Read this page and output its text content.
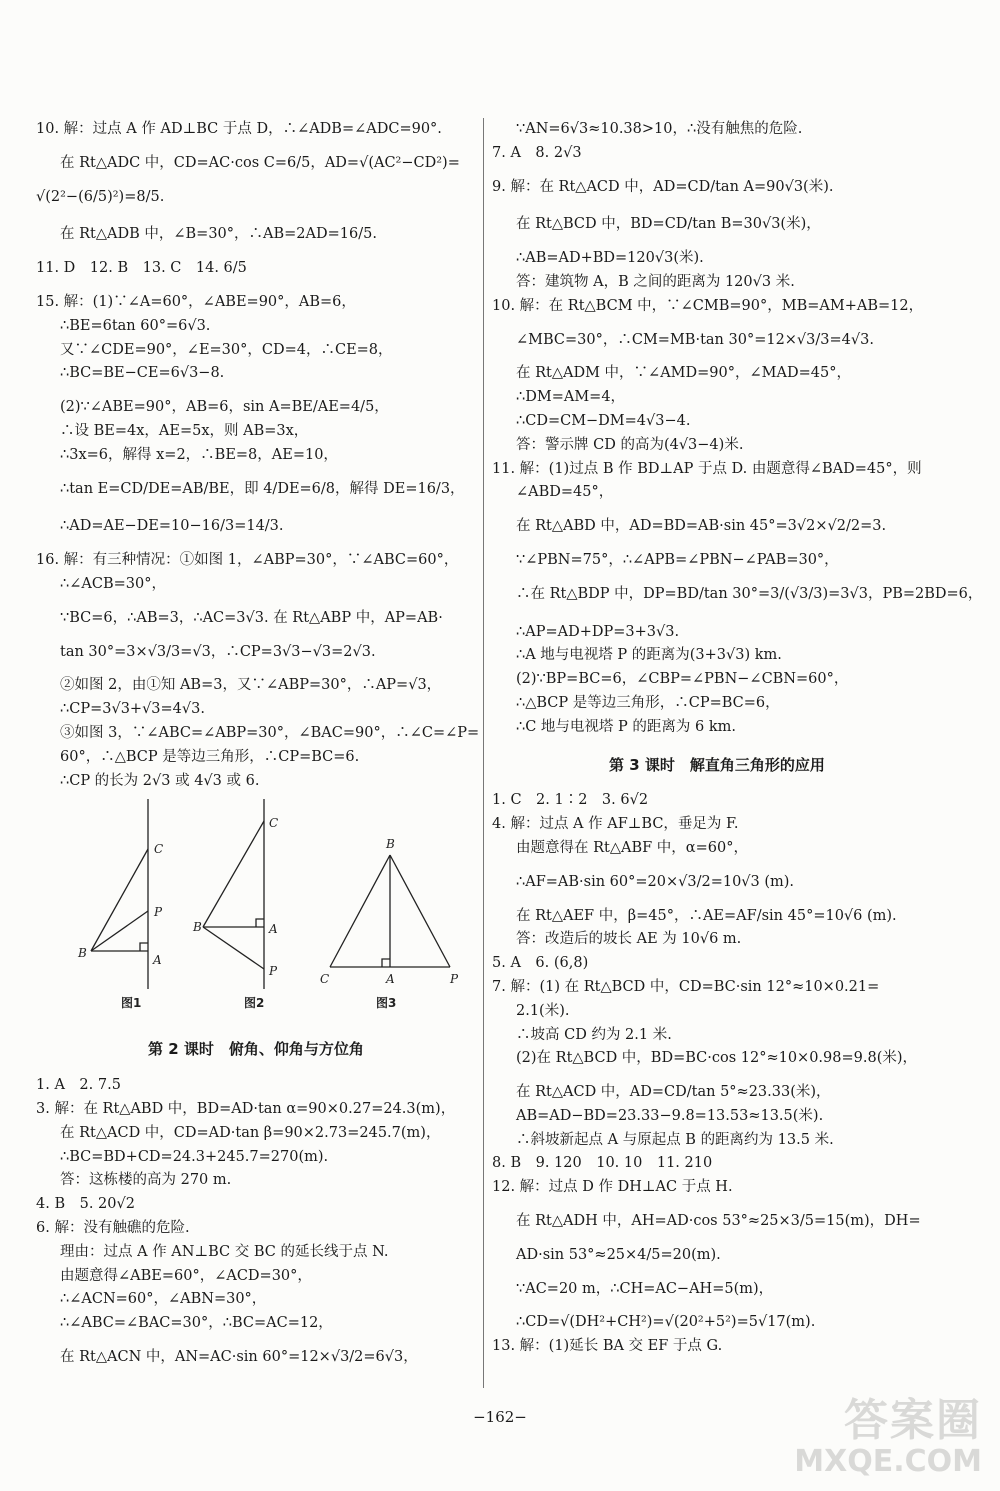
10. 解：过点 A 作 AD⊥BC 于点 D，∴∠ADB=∠ADC=90°.
在 Rt△ADC 中，CD=AC·cos C=6/5，AD=√(AC²−CD²)=
√(2²−(6/5)²)=8/5.
在 Rt△ADB 中，∠B=30°，∴AB=2AD=16/5.
11. D　12. B　13. C　14. 6/5
15. 解：(1)∵∠A=60°，∠ABE=90°，AB=6，
∴BE=6tan 60°=6√3.
又∵∠CDE=90°，∠E=30°，CD=4，∴CE=8，
∴BC=BE−CE=6√3−8.
(2)∵∠ABE=90°，AB=6，sin A=BE/AE=4/5，
∴设 BE=4x，AE=5x，则 AB=3x，
∴3x=6，解得 x=2，∴BE=8，AE=10，
∴tan E=CD/DE=AB/BE，即 4/DE=6/8，解得 DE=16/3，
∴AD=AE−DE=10−16/3=14/3.
16. 解：有三种情况：①如图 1，∠ABP=30°，∵∠ABC=60°，
∴∠ACB=30°，
∵BC=6，∴AB=3，∴AC=3√3. 在 Rt△ABP 中，AP=AB·
tan 30°=3×√3/3=√3，∴CP=3√3−√3=2√3.
②如图 2，由①知 AB=3，又∵∠ABP=30°，∴AP=√3，
∴CP=3√3+√3=4√3.
③如图 3，∵∠ABC=∠ABP=30°，∠BAC=90°，∴∠C=∠P=
60°，∴△BCP 是等边三角形，∴CP=BC=6.
∴CP 的长为 2√3 或 4√3 或 6.
C
P
B	A
图1
C
B	A
P
图2
B
C	A	P
图3
第 2 课时　俯角、仰角与方位角
1. A　2. 7.5
3. 解：在 Rt△ABD 中，BD=AD·tan α=90×0.27=24.3(m)，
在 Rt△ACD 中，CD=AD·tan β=90×2.73=245.7(m)，
∴BC=BD+CD=24.3+245.7=270(m).
答：这栋楼的高为 270 m.
4. B　5. 20√2
6. 解：没有触礁的危险.
理由：过点 A 作 AN⊥BC 交 BC 的延长线于点 N.
由题意得∠ABE=60°，∠ACD=30°，
∴∠ACN=60°，∠ABN=30°，
∴∠ABC=∠BAC=30°，∴BC=AC=12，
在 Rt△ACN 中，AN=AC·sin 60°=12×√3/2=6√3，
∵AN=6√3≈10.38>10，∴没有触焦的危险.
7. A　8. 2√3
9. 解：在 Rt△ACD 中，AD=CD/tan A=90√3(米).
在 Rt△BCD 中，BD=CD/tan B=30√3(米)，
∴AB=AD+BD=120√3(米).
答：建筑物 A，B 之间的距离为 120√3 米.
10. 解：在 Rt△BCM 中，∵∠CMB=90°，MB=AM+AB=12，
∠MBC=30°，∴CM=MB·tan 30°=12×√3/3=4√3.
在 Rt△ADM 中，∵∠AMD=90°，∠MAD=45°，
∴DM=AM=4，
∴CD=CM−DM=4√3−4.
答：警示牌 CD 的高为(4√3−4)米.
11. 解：(1)过点 B 作 BD⊥AP 于点 D. 由题意得∠BAD=45°，则
∠ABD=45°，
在 Rt△ABD 中，AD=BD=AB·sin 45°=3√2×√2/2=3.
∵∠PBN=75°，∴∠APB=∠PBN−∠PAB=30°，
∴在 Rt△BDP 中，DP=BD/tan 30°=3/(√3/3)=3√3，PB=2BD=6，
∴AP=AD+DP=3+3√3.
∴A 地与电视塔 P 的距离为(3+3√3) km.
(2)∵BP=BC=6，∠CBP=∠PBN−∠CBN=60°，
∴△BCP 是等边三角形，∴CP=BC=6，
∴C 地与电视塔 P 的距离为 6 km.
第 3 课时　解直角三角形的应用
1. C　2. 1∶2　3. 6√2
4. 解：过点 A 作 AF⊥BC，垂足为 F.
由题意得在 Rt△ABF 中，α=60°，
∴AF=AB·sin 60°=20×√3/2=10√3 (m).
在 Rt△AEF 中，β=45°，∴AE=AF/sin 45°=10√6 (m).
答：改造后的坡长 AE 为 10√6 m.
5. A　6. (6,8)
7. 解：(1) 在 Rt△BCD 中，CD=BC·sin 12°≈10×0.21=
2.1(米).
∴坡高 CD 约为 2.1 米.
(2)在 Rt△BCD 中，BD=BC·cos 12°≈10×0.98=9.8(米)，
在 Rt△ACD 中，AD=CD/tan 5°≈23.33(米)，
AB=AD−BD=23.33−9.8=13.53≈13.5(米).
∴斜坡新起点 A 与原起点 B 的距离约为 13.5 米.
8. B　9. 120　10. 10　11. 210
12. 解：过点 D 作 DH⊥AC 于点 H.
在 Rt△ADH 中，AH=AD·cos 53°≈25×3/5=15(m)，DH=
AD·sin 53°≈25×4/5=20(m).
∵AC=20 m，∴CH=AC−AH=5(m)，
∴CD=√(DH²+CH²)=√(20²+5²)=5√17(m).
13. 解：(1)延长 BA 交 EF 于点 G.
−162−	答案圈
MXQE.COM
